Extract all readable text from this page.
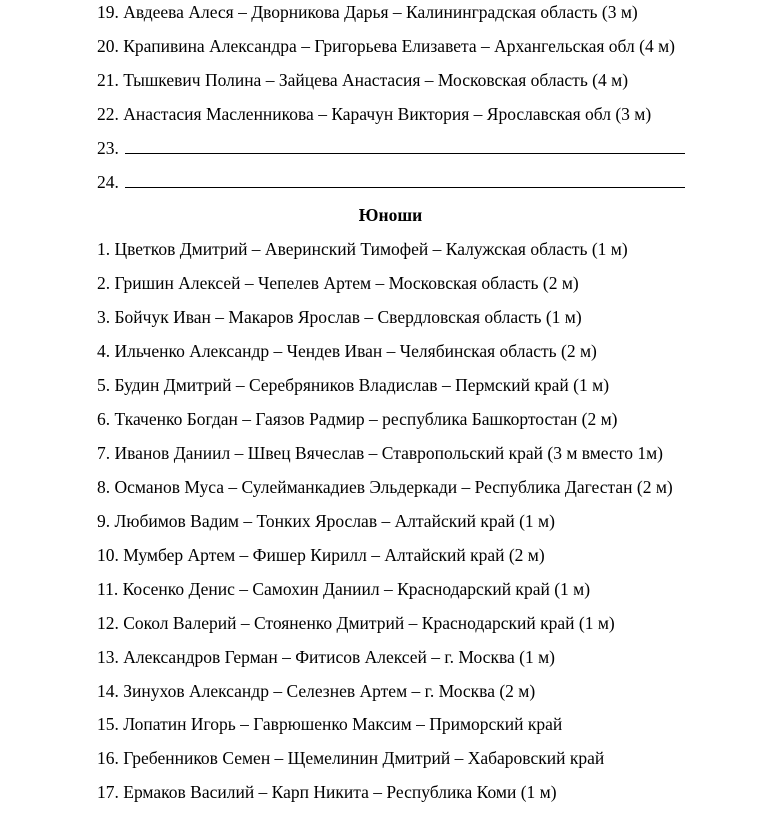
19. Авдеева Алеся – Дворникова Дарья – Калининградская область (3 м)
20. Крапивина Александра – Григорьева Елизавета – Архангельская обл (4 м)
21. Тышкевич Полина – Зайцева Анастасия – Московская область (4 м)
22. Анастасия Масленникова – Карачун Виктория – Ярославская обл (3 м)
23.
24.
Юноши
1. Цветков Дмитрий – Аверинский Тимофей – Калужская область (1 м)
2. Гришин Алексей – Чепелев Артем – Московская область (2 м)
3. Бойчук Иван – Макаров Ярослав – Свердловская область (1 м)
4. Ильченко Александр – Чендев Иван – Челябинская область (2 м)
5. Будин Дмитрий – Серебряников Владислав – Пермский край (1 м)
6. Ткаченко Богдан – Гаязов Радмир – республика Башкортостан (2 м)
7. Иванов Даниил – Швец Вячеслав – Ставропольский край (3 м вместо 1м)
8. Османов Муса – Сулейманкадиев Эльдеркади – Республика Дагестан (2 м)
9. Любимов Вадим – Тонких Ярослав – Алтайский край (1 м)
10. Мумбер Артем – Фишер Кирилл – Алтайский край (2 м)
11. Косенко Денис – Самохин Даниил – Краснодарский край (1 м)
12. Сокол Валерий – Стояненко Дмитрий – Краснодарский край (1 м)
13. Александров Герман – Фитисов Алексей – г. Москва (1 м)
14. Зинухов Александр – Селезнев Артем – г. Москва (2 м)
15. Лопатин Игорь – Гаврюшенко Максим – Приморский край
16. Гребенников Семен – Щемелинин Дмитрий – Хабаровский край
17. Ермаков Василий – Карп Никита – Республика Коми (1 м)
